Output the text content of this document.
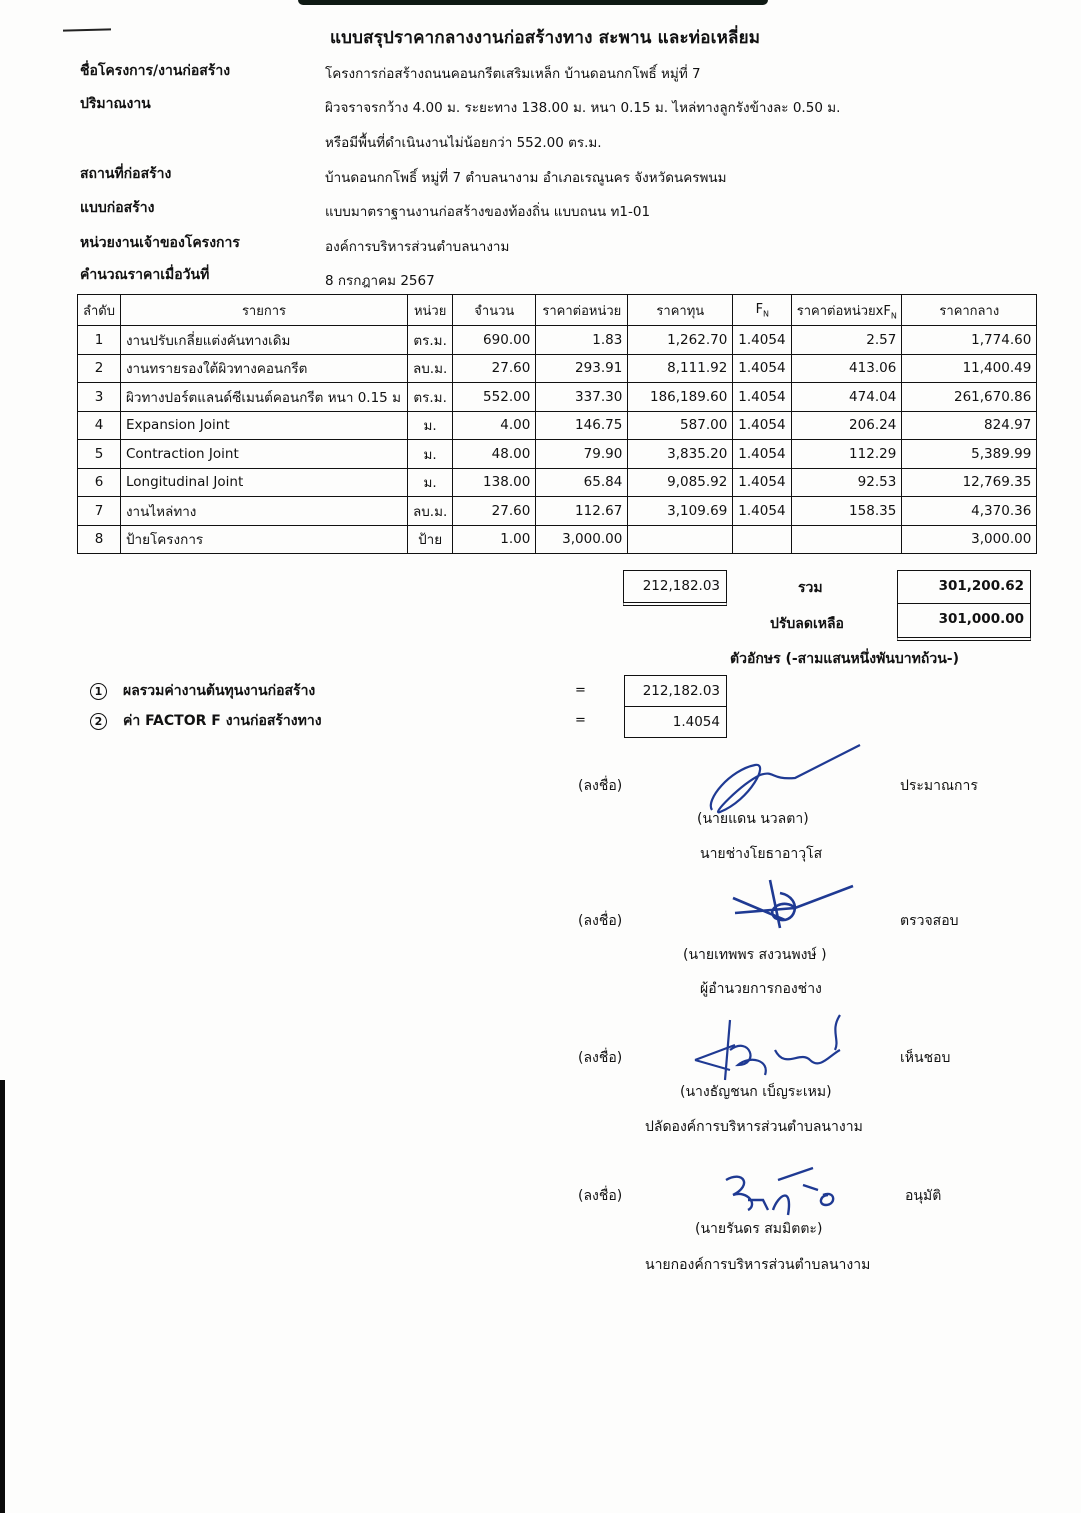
แบบสรุปราคากลางงานก่อสร้างทาง สะพาน และท่อเหลี่ยม
ชื่อโครงการ/งานก่อสร้าง	โครงการก่อสร้างถนนคอนกรีตเสริมเหล็ก บ้านดอนกกโพธิ์ หมู่ที่ 7
ปริมาณงาน	ผิวจราจรกว้าง 4.00 ม. ระยะทาง 138.00 ม. หนา 0.15 ม. ไหล่ทางลูกรังข้างละ 0.50 ม.
หรือมีพื้นที่ดำเนินงานไม่น้อยกว่า 552.00 ตร.ม.
สถานที่ก่อสร้าง	บ้านดอนกกโพธิ์ หมู่ที่ 7 ตำบลนางาม อำเภอเรณูนคร จังหวัดนครพนม
แบบก่อสร้าง	แบบมาตราฐานงานก่อสร้างของท้องถิ่น แบบถนน ท1-01
หน่วยงานเจ้าของโครงการ	องค์การบริหารส่วนตำบลนางาม
คำนวณราคาเมื่อวันที่	8 กรกฎาคม 2567
ลำดับ	รายการ	หน่วย	จำนวน	ราคาต่อหน่วย	ราคาทุน	$F_N$	ราคาต่อหน่วย$xF_N$	ราคากลาง
1	งานปรับเกลี่ยแต่งคันทางเดิม	ตร.ม.	690.00	1.83	1,262.70	1.4054	2.57	1,774.60
2	งานทรายรองใต้ผิวทางคอนกรีต	ลบ.ม.	27.60	293.91	8,111.92	1.4054	413.06	11,400.49
3	ผิวทางปอร์ตแลนด์ซีเมนต์คอนกรีต หนา 0.15 ม	ตร.ม.	552.00	337.30	186,189.60	1.4054	474.04	261,670.86
4	Expansion Joint	ม.	4.00	146.75	587.00	1.4054	206.24	824.97
5	Contraction Joint	ม.	48.00	79.90	3,835.20	1.4054	112.29	5,389.99
6	Longitudinal Joint	ม.	138.00	65.84	9,085.92	1.4054	92.53	12,769.35
7	งานไหล่ทาง	ลบ.ม.	27.60	112.67	3,109.69	1.4054	158.35	4,370.36
8	ป้ายโครงการ	ป้าย	1.00	3,000.00				3,000.00
212,182.03	รวม	301,200.62
ปรับลดเหลือ	301,000.00
ตัวอักษร (-สามแสนหนึ่งพันบาทถ้วน-)
1 ผลรวมค่างานต้นทุนงานก่อสร้าง	=	212,182.03
2 ค่า FACTOR F งานก่อสร้างทาง	=	1.4054
(ลงชื่อ)	ประมาณการ
(นายแดน นวลตา)
นายช่างโยธาอาวุโส
(ลงชื่อ)	ตรวจสอบ
(นายเทพพร สงวนพงษ์ )
ผู้อำนวยการกองช่าง
(ลงชื่อ)	เห็นชอบ
(นางธัญชนก เบ็ญระเหม)
ปลัดองค์การบริหารส่วนตำบลนางาม
(ลงชื่อ)	อนุมัติ
(นายรันดร สมมิตตะ)
นายกองค์การบริหารส่วนตำบลนางาม
